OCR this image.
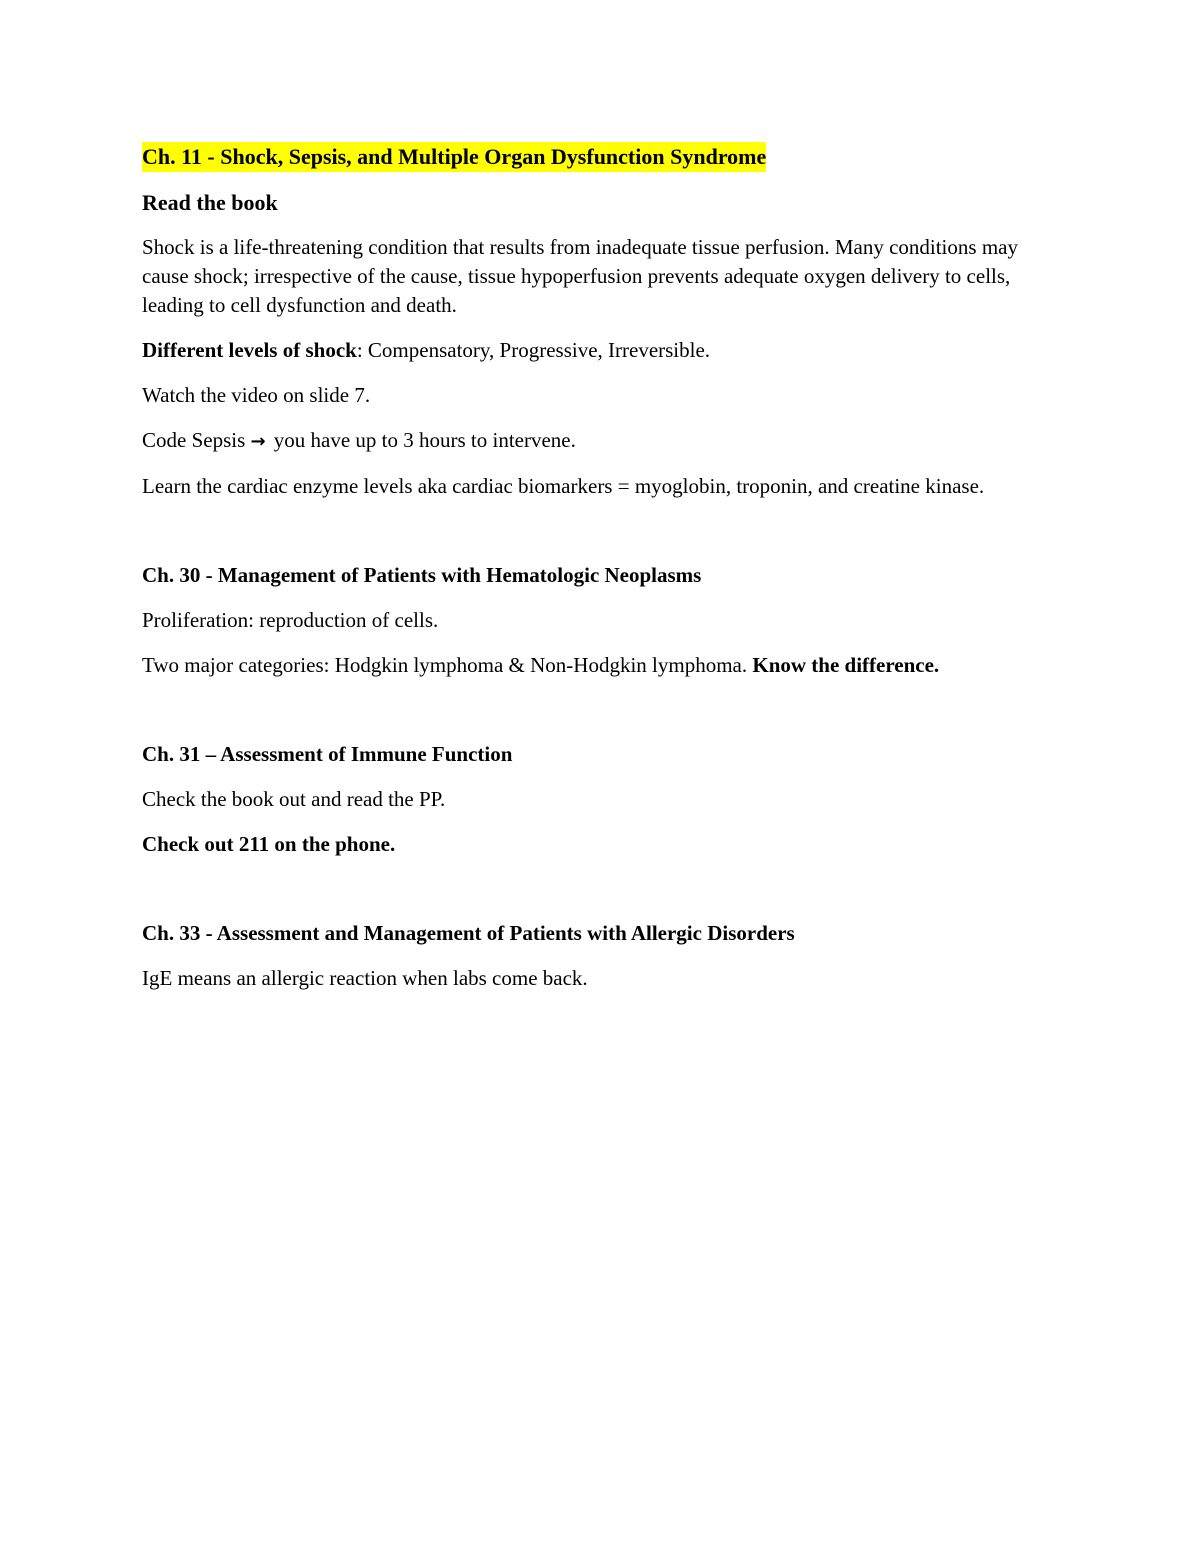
Ch. 11 - Shock, Sepsis, and Multiple Organ Dysfunction Syndrome

Read the book

Shock is a life-threatening condition that results from inadequate tissue perfusion. Many conditions may cause shock; irrespective of the cause, tissue hypoperfusion prevents adequate oxygen delivery to cells, leading to cell dysfunction and death.

Different levels of shock: Compensatory, Progressive, Irreversible.

Watch the video on slide 7.

Code Sepsis → you have up to 3 hours to intervene.

Learn the cardiac enzyme levels aka cardiac biomarkers = myoglobin, troponin, and creatine kinase.

Ch. 30 - Management of Patients with Hematologic Neoplasms

Proliferation: reproduction of cells.

Two major categories: Hodgkin lymphoma & Non-Hodgkin lymphoma. Know the difference.

Ch. 31 – Assessment of Immune Function

Check the book out and read the PP.

Check out 211 on the phone.

Ch. 33 - Assessment and Management of Patients with Allergic Disorders

IgE means an allergic reaction when labs come back.
